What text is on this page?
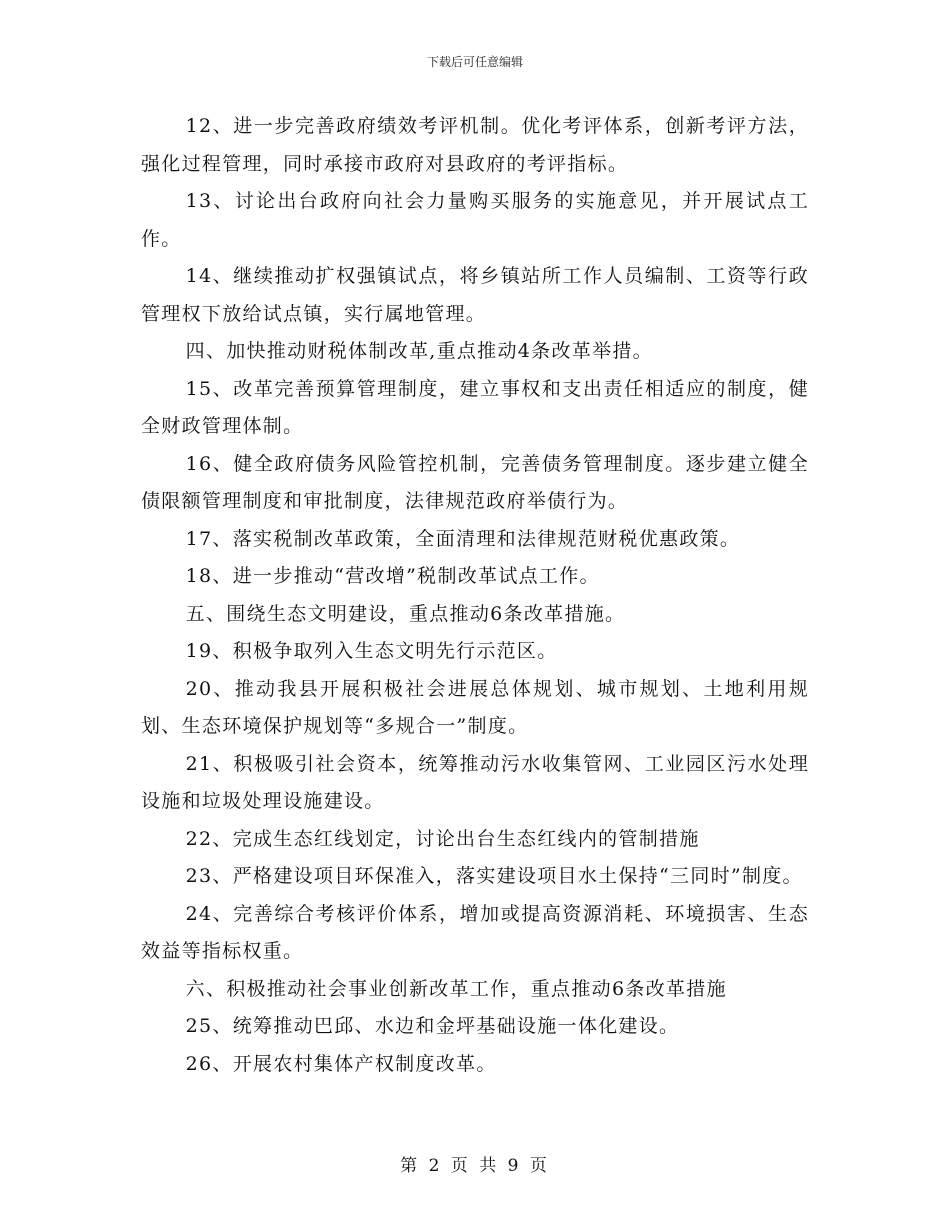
下载后可任意编辑

12、进一步完善政府绩效考评机制。优化考评体系，创新考评方法，强化过程管理，同时承接市政府对县政府的考评指标。

13、讨论出台政府向社会力量购买服务的实施意见，并开展试点工作。

14、继续推动扩权强镇试点，将乡镇站所工作人员编制、工资等行政管理权下放给试点镇，实行属地管理。

四、加快推动财税体制改革,重点推动4条改革举措。

15、改革完善预算管理制度，建立事权和支出责任相适应的制度，健全财政管理体制。

16、健全政府债务风险管控机制，完善债务管理制度。逐步建立健全债限额管理制度和审批制度，法律规范政府举债行为。

17、落实税制改革政策，全面清理和法律规范财税优惠政策。

18、进一步推动“营改增”税制改革试点工作。

五、围绕生态文明建设，重点推动6条改革措施。

19、积极争取列入生态文明先行示范区。

20、推动我县开展积极社会进展总体规划、城市规划、土地利用规划、生态环境保护规划等“多规合一”制度。

21、积极吸引社会资本，统筹推动污水收集管网、工业园区污水处理设施和垃圾处理设施建设。

22、完成生态红线划定，讨论出台生态红线内的管制措施

23、严格建设项目环保准入，落实建设项目水土保持“三同时”制度。

24、完善综合考核评价体系，增加或提高资源消耗、环境损害、生态效益等指标权重。

六、积极推动社会事业创新改革工作，重点推动6条改革措施

25、统筹推动巴邱、水边和金坪基础设施一体化建设。

26、开展农村集体产权制度改革。

第 2 页 共 9 页
